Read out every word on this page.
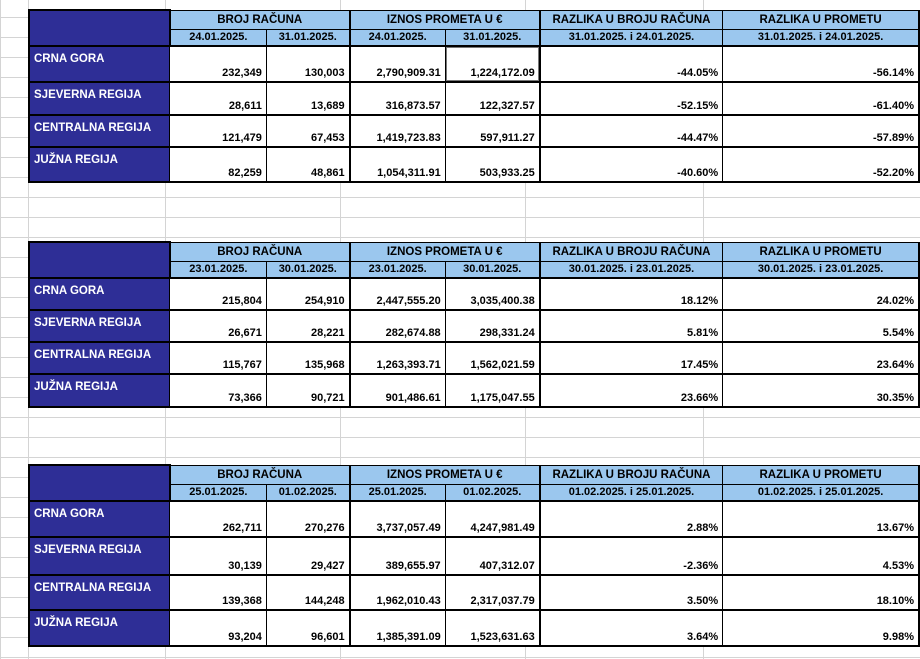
	BROJ RAČUNA		IZNOS PROMETA U €		RAZLIKA U BROJU RAČUNA	RAZLIKA U PROMETU
	24.01.2025.	31.01.2025.	24.01.2025.	31.01.2025.	31.01.2025. i 24.01.2025.	31.01.2025. i 24.01.2025.
CRNA GORA	232,349	130,003	2,790,909.31	1,224,172.09	-44.05%	-56.14%
SJEVERNA REGIJA	28,611	13,689	316,873.57	122,327.57	-52.15%	-61.40%
CENTRALNA REGIJA	121,479	67,453	1,419,723.83	597,911.27	-44.47%	-57.89%
JUŽNA REGIJA	82,259	48,861	1,054,311.91	503,933.25	-40.60%	-52.20%
	BROJ RAČUNA		IZNOS PROMETA U €		RAZLIKA U BROJU RAČUNA	RAZLIKA U PROMETU
	23.01.2025.	30.01.2025.	23.01.2025.	30.01.2025.	30.01.2025. i 23.01.2025.	30.01.2025. i 23.01.2025.
CRNA GORA	215,804	254,910	2,447,555.20	3,035,400.38	18.12%	24.02%
SJEVERNA REGIJA	26,671	28,221	282,674.88	298,331.24	5.81%	5.54%
CENTRALNA REGIJA	115,767	135,968	1,263,393.71	1,562,021.59	17.45%	23.64%
JUŽNA REGIJA	73,366	90,721	901,486.61	1,175,047.55	23.66%	30.35%
	BROJ RAČUNA		IZNOS PROMETA U €		RAZLIKA U BROJU RAČUNA	RAZLIKA U PROMETU
	25.01.2025.	01.02.2025.	25.01.2025.	01.02.2025.	01.02.2025. i 25.01.2025.	01.02.2025. i 25.01.2025.
CRNA GORA	262,711	270,276	3,737,057.49	4,247,981.49	2.88%	13.67%
SJEVERNA REGIJA	30,139	29,427	389,655.97	407,312.07	-2.36%	4.53%
CENTRALNA REGIJA	139,368	144,248	1,962,010.43	2,317,037.79	3.50%	18.10%
JUŽNA REGIJA	93,204	96,601	1,385,391.09	1,523,631.63	3.64%	9.98%
